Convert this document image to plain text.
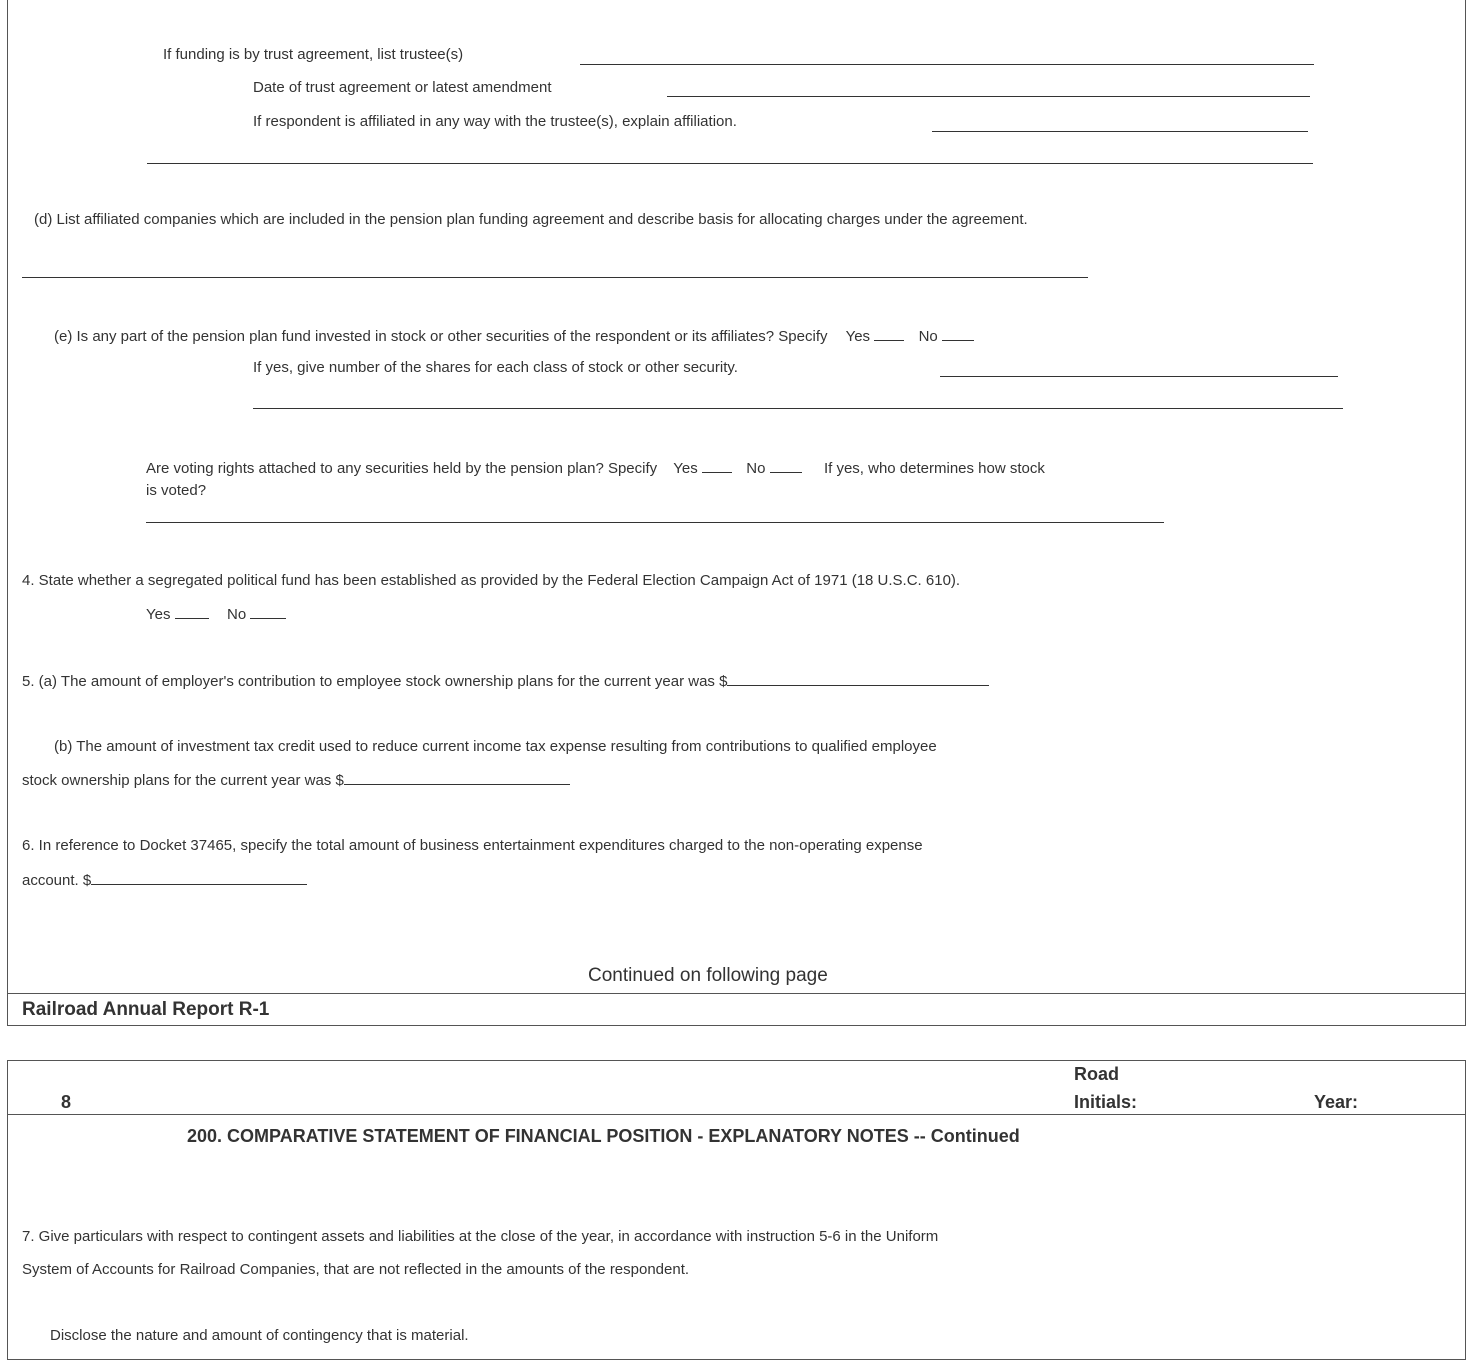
If funding is by trust agreement, list trustee(s)
Date of trust agreement or latest amendment
If respondent is affiliated in any way with the trustee(s), explain affiliation.
(d) List affiliated companies which are included in the pension plan funding agreement and describe basis for allocating charges under the agreement.
(e) Is any part of the pension plan fund invested in stock or other securities of the respondent or its affiliates? Specify Yes	No
If yes, give number of the shares for each class of stock or other security.
Are voting rights attached to any securities held by the pension plan? Specify Yes	No	If yes, who determines how stock
is voted?
4. State whether a segregated political fund has been established as provided by the Federal Election Campaign Act of 1971 (18 U.S.C. 610).
Yes	No
5. (a) The amount of employer's contribution to employee stock ownership plans for the current year was $
(b) The amount of investment tax credit used to reduce current income tax expense resulting from contributions to qualified employee
stock ownership plans for the current year was $
6. In reference to Docket 37465, specify the total amount of business entertainment expenditures charged to the non-operating expense
account. $
Continued on following page
Railroad Annual Report R-1
8
Road
Initials:	Year:
200. COMPARATIVE STATEMENT OF FINANCIAL POSITION - EXPLANATORY NOTES -- Continued
7. Give particulars with respect to contingent assets and liabilities at the close of the year, in accordance with instruction 5-6 in the Uniform
System of Accounts for Railroad Companies, that are not reflected in the amounts of the respondent.
Disclose the nature and amount of contingency that is material.
